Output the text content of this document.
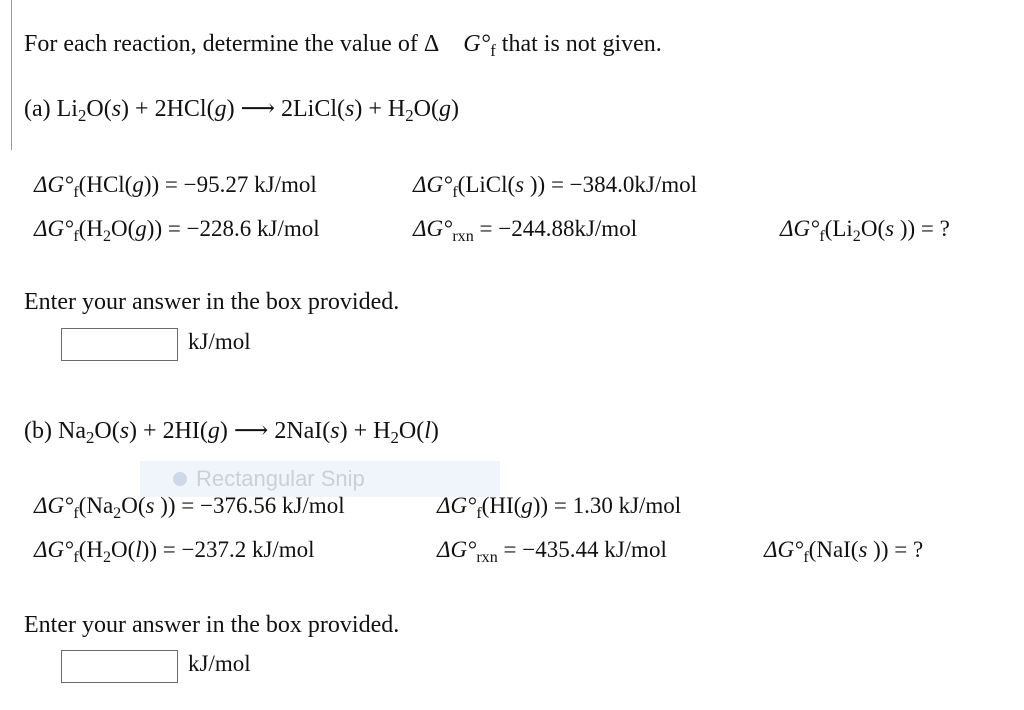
For each reaction, determine the value of Δ $G^\circ_f$ that is not given.
(a) $Li_2O(s) + 2HCl(g)$ ⟶ 2LiCl(s) + $H_2O(g)$
$\Delta G^\circ_f(HCl(g)) = -95.27$ kJ/mol	$\Delta G^\circ_f(LiCl(s$ )) = −384.0kJ/mol
$\Delta G^\circ_f(H_2O(g)) = -228.6$ kJ/mol	$\Delta G^\circ_{rxn} = -244.88kJ/mol$	$\Delta G^\circ_f(Li_2O(s$ )) = ?
Enter your answer in the box provided.
kJ/mol
(b) $Na_2O(s) + 2HI(g)$ ⟶ $2NaI(s) + H_2O(l)$
Rectangular Snip
$\Delta G^\circ_f(Na_2O(s$ )) = −376.56 kJ/mol	$\Delta G^\circ_f(HI(g)) = 1.30$ kJ/mol
$\Delta G^\circ_f(H_2O(l)) = -237.2$ kJ/mol	$\Delta G^\circ_{rxn} = -435.44$ kJ/mol	$\Delta G^\circ_f(NaI(s$ )) = ?
Enter your answer in the box provided.
kJ/mol
